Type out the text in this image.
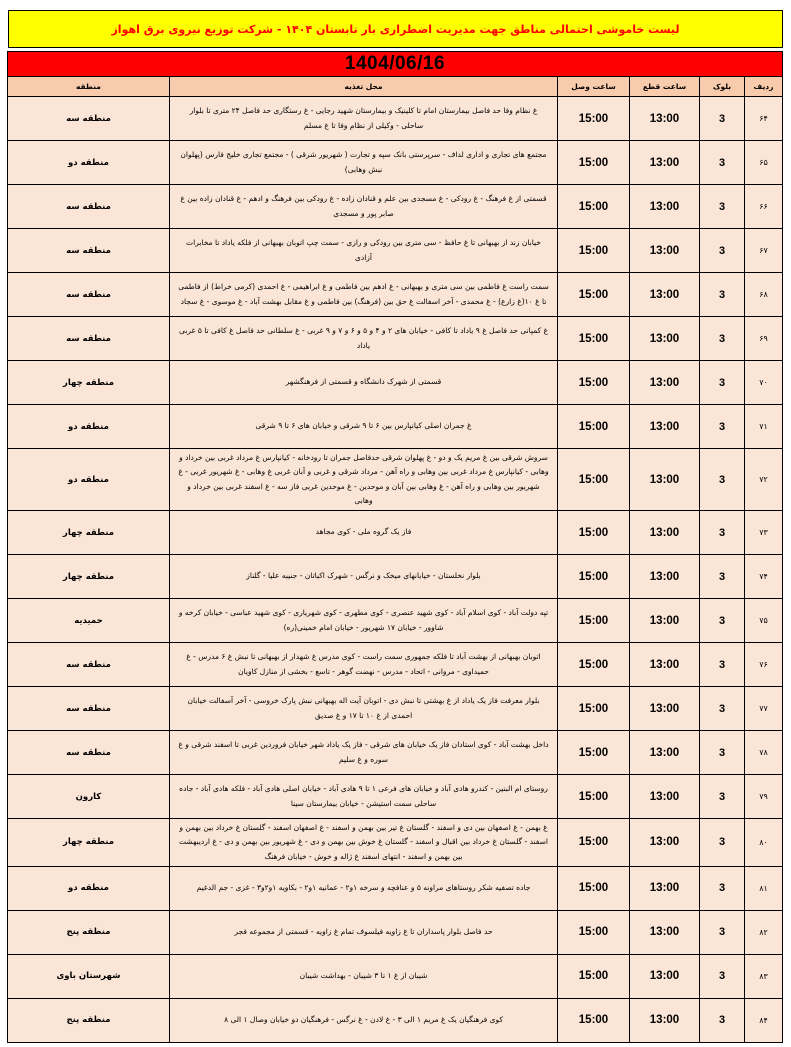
لیست خاموشی احتمالی مناطق جهت مدیریت اضطراری بار تابستان ۱۴۰۴ - شرکت توزیع نیروی برق اهواز
1404/06/16					
ردیف	بلوک	ساعت قطع	ساعت وصل	محل تغذیه	منطقه
۶۴	3	13:00	15:00	غ نظام وفا حد فاصل بیمارستان امام تا کلینیک و بیمارستان شهید رجایی - غ رستگاری حد فاصل ۲۴ متری تا بلوار ساحلی - وکیلی از نظام وفا تا غ مسلم	منطقه سه
۶۵	3	13:00	15:00	مجتمع های تجاری و اداری لداف - سرپرستی بانک سپه و تجارت ( شهریور شرقی ) - مجتمع تجاری خلیج فارس (پهلوان نبش وهابی)	منطقه دو
۶۶	3	13:00	15:00	قسمتی از غ فرهنگ - غ رودکی - غ مسجدی بین علم و قنادان زاده - غ رودکی بین فرهنگ و ادهم - غ قنادان زاده بین غ صابر پور و مسجدی	منطقه سه
۶۷	3	13:00	15:00	خیابان زند از بهبهانی تا غ حافظ - سی متری بین رودکی و رازی - سمت چپ اتوبان بهبهانی از فلکه یاداد تا مخابرات آزادی	منطقه سه
۶۸	3	13:00	15:00	سمت راست غ فاطمی بین سی متری و بهبهانی - غ ادهم بین فاطمی و غ ابراهیمی - غ احمدی (کرمی خراط) از فاطمی تا غ ۱۰(غ زارع) - غ محمدی - آخر اسفالت غ حق بین (فرهنگ) بین فاطمی و غ مقابل بهشت آباد - غ موسوی - غ سجاد	منطقه سه
۶۹	3	13:00	15:00	غ کمپانی حد فاصل غ ۹ یاداد تا کافی - خیابان های ۲ و ۴ و ۵ و ۶ و ۷ و ۹ غربی - غ سلطانی حد فاصل غ کافی تا ۵ غربی یاداد	منطقه سه
۷۰	3	13:00	15:00	قسمتی از شهرک دانشگاه و قسمتی از فرهنگشهر	منطقه چهار
۷۱	3	13:00	15:00	غ جمران اصلی کیانپارس بین ۶ تا ۹ شرقی و خیابان های ۶ تا ۹ شرقی	منطقه دو
۷۲	3	13:00	15:00	سروش شرقی بین غ مریم یک و دو - غ پهلوان شرقی حدفاصل جمران تا رودخانه - کیانپارس غ مرداد غربی بین خرداد و وهابی - کیانپارس غ مرداد غربی بین وهابی و راه آهن - مرداد شرقی و غربی و آبان غربی غ وهابی - غ شهریور غربی - غ شهریور بین وهابی و راه آهن - غ وهابی بین آبان و موحدین - غ موحدین غربی فاز سه - غ اسفند غربی بین خرداد و وهابی	منطقه دو
۷۳	3	13:00	15:00	فاز یک گروه ملی - کوی مجاهد	منطقه چهار
۷۴	3	13:00	15:00	بلوار نخلستان - خیابانهای میخک و نرگس - شهرک اکباتان - جنیبه علیا - گلناز	منطقه چهار
۷۵	3	13:00	15:00	تپه دولت آباد - کوی اسلام آباد - کوی شهید عنصری - کوی مطهری - کوی شهریاری - کوی شهید عباسی - خیابان کرخه و شاوور - خیابان ۱۷ شهریور - خیابان امام خمینی(ره)	حمیدیه
۷۶	3	13:00	15:00	اتوبان بهبهانی از بهشت آباد تا فلکه جمهوری سمت راست - کوی مدرس غ شهدار از بهبهانی تا نبش غ ۶ مدرس - غ حمیداوی - مروانی - اتحاد - مدرس - نهضت گوهر - تاسع - بخشی از منازل کاویان	منطقه سه
۷۷	3	13:00	15:00	بلوار معرفت فاز یک یاداد از غ بهشتی تا نبش دی - اتوبان آیت اله بهبهانی نبش پارک خروسی - آخر آسفالت خیابان احمدی از غ ۱۰ تا ۱۷ و غ صدیق	منطقه سه
۷۸	3	13:00	15:00	داخل بهشت آباد - کوی استادان فاز یک خیابان های شرقی - فاز یک یاداد شهر خیابان فروردین غربی تا اسفند شرقی و غ سوره و غ سلیم	منطقه سه
۷۹	3	13:00	15:00	روستای ام البنین - کندرو هادی آباد و خیابان های فرعی ۱ تا ۹ هادی آباد - خیابان اصلی هادی آباد - فلکه هادی آباد - جاده ساحلی سمت استیشن - خیابان بیمارستان سینا	کارون
۸۰	3	13:00	15:00	غ بهمن - غ اصفهان بین دی و اسفند - گلستان غ تیر بین بهمن و اسفند - غ اصفهان اسفند - گلستان غ خرداد بین بهمن و اسفند - گلستان غ خرداد بین اقبال و اسفند - گلستان غ خوش بین بهمن و دی - غ شهریور بین بهمن و دی - غ اردیبهشت بین بهمن و اسفند - انتهای اسفند غ ژاله و خوش - خیابان فرهنگ	منطقه چهار
۸۱	3	13:00	15:00	جاده تصفیه شکر روستاهای مراونه ۵ و عنافچه و سرخه ۱و۲ - عمانیه ۱و۲ - بکاویه ۱و۲و۳ - غزی - جم الدغیم	منطقه دو
۸۲	3	13:00	15:00	حد فاصل بلوار پاسداران تا غ زاویه فیلسوف تمام غ زاویه - قسمتی از مجموعه فجر	منطقه پنج
۸۳	3	13:00	15:00	شیبان از غ ۱ تا ۳ شیبان - بهداشت شیبان	شهرستان باوی
۸۴	3	13:00	15:00	کوی فرهنگیان یک غ مریم ۱ الی ۳ - غ لادن - غ نرگس - فرهنگیان دو خیابان وصال ۱ الی ۸	منطقه پنج
